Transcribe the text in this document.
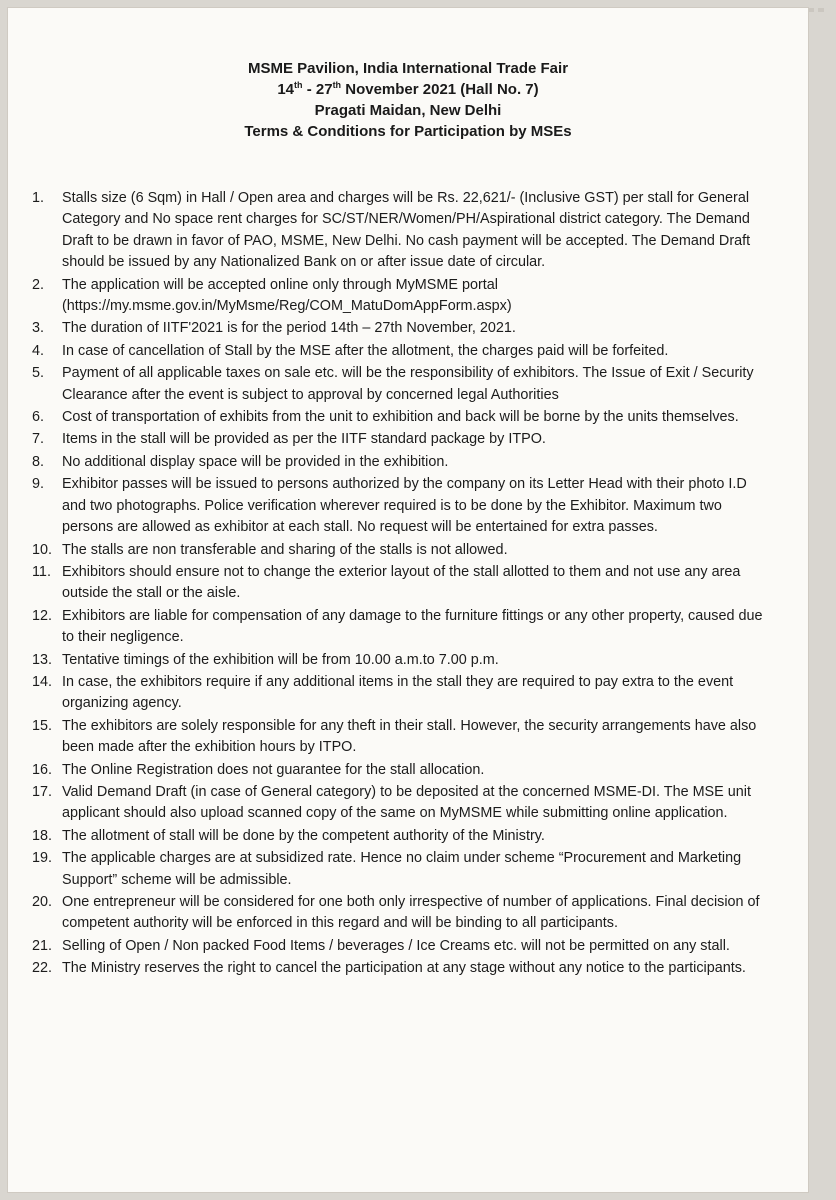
MSME Pavilion, India International Trade Fair
14th - 27th November 2021 (Hall No. 7)
Pragati Maidan, New Delhi
Terms & Conditions for Participation by MSEs
1.	Stalls size (6 Sqm) in Hall / Open area and charges will be Rs. 22,621/- (Inclusive GST) per stall for General Category and No space rent charges for SC/ST/NER/Women/PH/Aspirational district category. The Demand Draft to be drawn in favor of PAO, MSME, New Delhi. No cash payment will be accepted. The Demand Draft should be issued by any Nationalized Bank on or after issue date of circular.
2.	The application will be accepted online only through MyMSME portal (https://my.msme.gov.in/MyMsme/Reg/COM_MatuDomAppForm.aspx)
3.	The duration of IITF'2021 is for the period 14th – 27th November, 2021.
4.	In case of cancellation of Stall by the MSE after the allotment, the charges paid will be forfeited.
5.	Payment of all applicable taxes on sale etc. will be the responsibility of exhibitors. The Issue of Exit / Security Clearance after the event is subject to approval by concerned legal Authorities
6.	Cost of transportation of exhibits from the unit to exhibition and back will be borne by the units themselves.
7.	Items in the stall will be provided as per the IITF standard package by ITPO.
8.	No additional display space will be provided in the exhibition.
9.	Exhibitor passes will be issued to persons authorized by the company on its Letter Head with their photo I.D and two photographs. Police verification wherever required is to be done by the Exhibitor. Maximum two persons are allowed as exhibitor at each stall. No request will be entertained for extra passes.
10. The stalls are non transferable and sharing of the stalls is not allowed.
11. Exhibitors should ensure not to change the exterior layout of the stall allotted to them and not use any area outside the stall or the aisle.
12. Exhibitors are liable for compensation of any damage to the furniture fittings or any other property, caused due to their negligence.
13. Tentative timings of the exhibition will be from 10.00 a.m.to 7.00 p.m.
14. In case, the exhibitors require if any additional items in the stall they are required to pay extra to the event organizing agency.
15. The exhibitors are solely responsible for any theft in their stall. However, the security arrangements have also been made after the exhibition hours by ITPO.
16. The Online Registration does not guarantee for the stall allocation.
17. Valid Demand Draft (in case of General category) to be deposited at the concerned MSME-DI. The MSE unit applicant should also upload scanned copy of the same on MyMSME while submitting online application.
18. The allotment of stall will be done by the competent authority of the Ministry.
19. The applicable charges are at subsidized rate. Hence no claim under scheme “Procurement and Marketing Support” scheme will be admissible.
20. One entrepreneur will be considered for one both only irrespective of number of applications. Final decision of competent authority will be enforced in this regard and will be binding to all participants.
21. Selling of Open / Non packed Food Items / beverages / Ice Creams etc. will not be permitted on any stall.
22. The Ministry reserves the right to cancel the participation at any stage without any notice to the participants.
